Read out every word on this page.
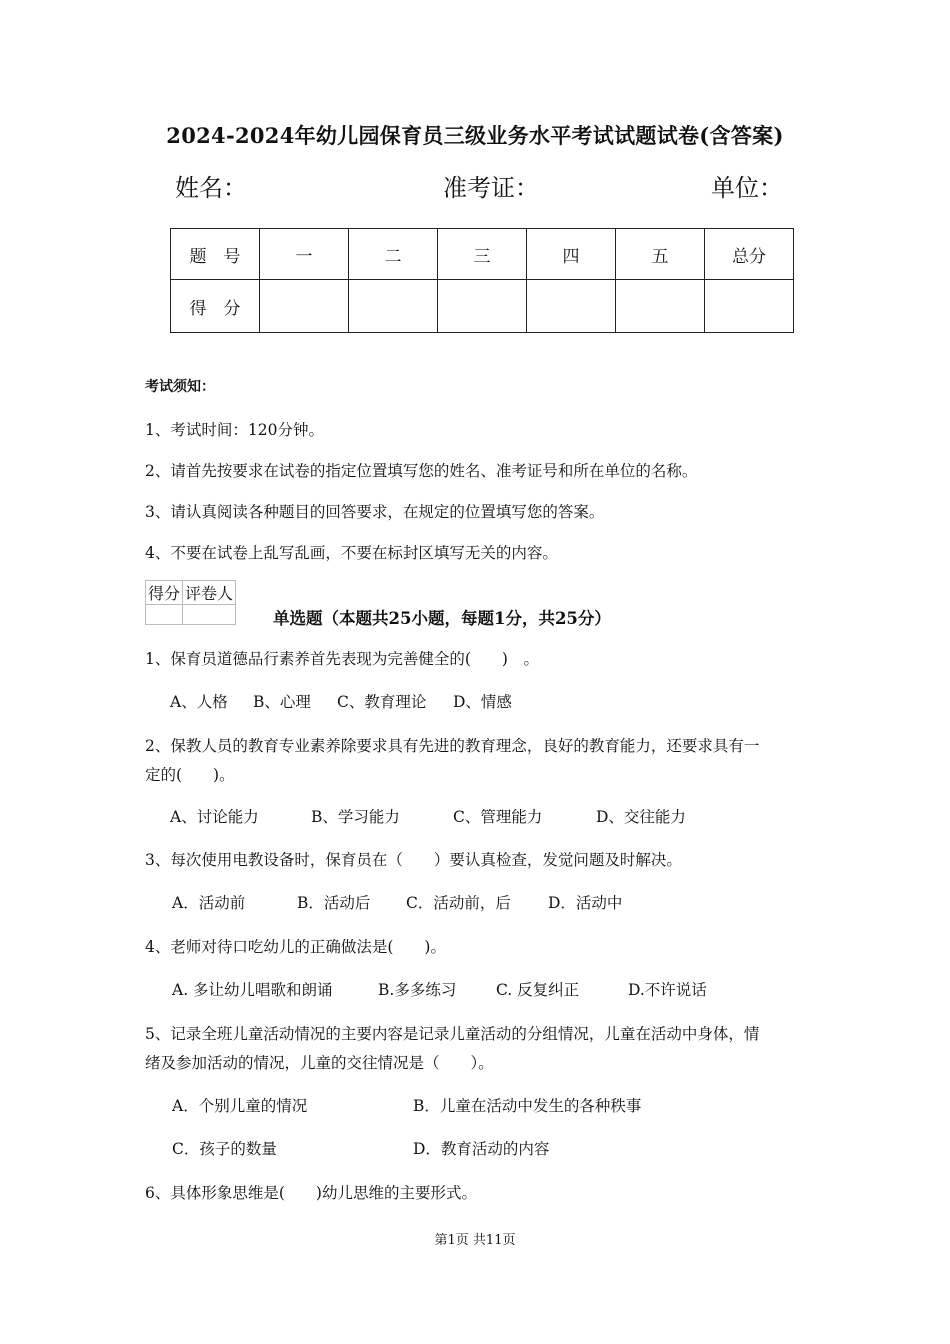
2024-2024年幼儿园保育员三级业务水平考试试题试卷(含答案)
姓名：	准考证：	单位：
题　号	一	二	三	四	五	总分
得　分						
考试须知：
1、考试时间：120分钟。
2、请首先按要求在试卷的指定位置填写您的姓名、准考证号和所在单位的名称。
3、请认真阅读各种题目的回答要求，在规定的位置填写您的答案。
4、不要在试卷上乱写乱画，不要在标封区填写无关的内容。
得分	评卷人

单选题（本题共25小题，每题1分，共25分）
1、保育员道德品行素养首先表现为完善健全的(　　)　。
A、人格 B、心理 C、教育理论 D、情感
2、保教人员的教育专业素养除要求具有先进的教育理念，良好的教育能力，还要求具有一
定的(　　)。
A、讨论能力	B、学习能力	C、管理能力	D、交往能力
3、每次使用电教设备时，保育员在（　　）要认真检查，发觉问题及时解决。
A．活动前	B．活动后 C．活动前，后 D．活动中
4、老师对待口吃幼儿的正确做法是(　　)。
A. 多让幼儿唱歌和朗诵	B.多多练习	C. 反复纠正	D.不许说话
5、记录全班儿童活动情况的主要内容是记录儿童活动的分组情况，儿童在活动中身体，情
绪及参加活动的情况，儿童的交往情况是（　　）。
A．个别儿童的情况	B．儿童在活动中发生的各种秩事
C．孩子的数量	D．教育活动的内容
6、具体形象思维是(　　)幼儿思维的主要形式。
第1页 共11页
